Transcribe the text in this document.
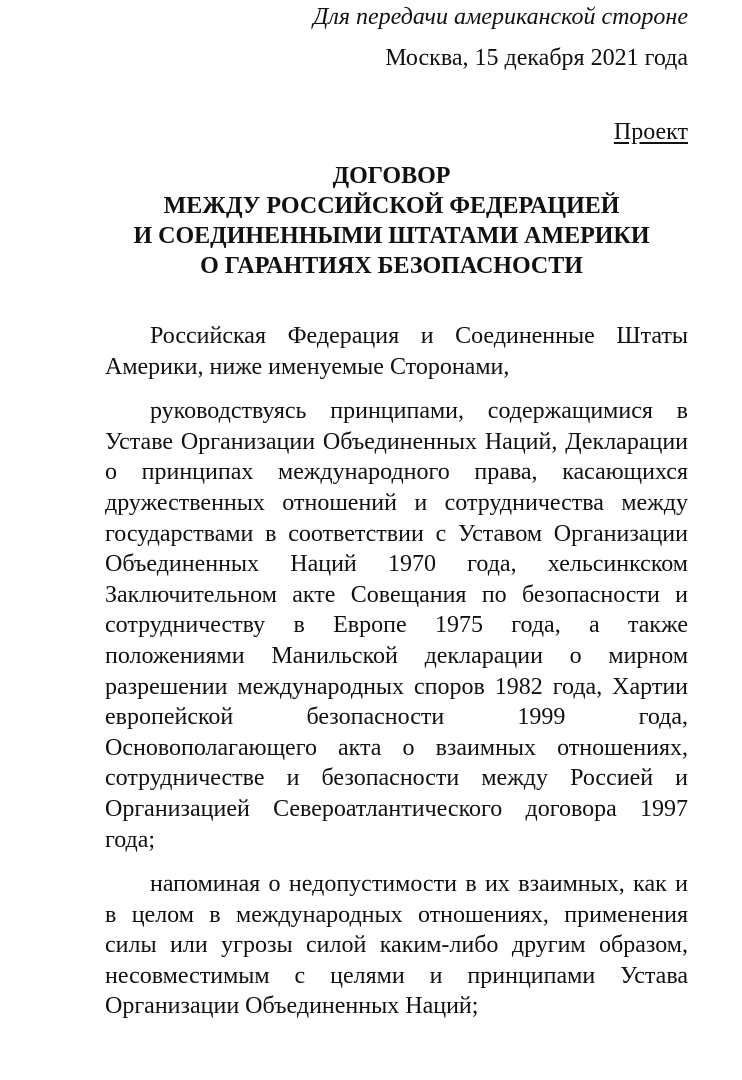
Для передачи американской стороне
Москва, 15 декабря 2021 года
Проект
ДОГОВОР
МЕЖДУ РОССИЙСКОЙ ФЕДЕРАЦИЕЙ
И СОЕДИНЕННЫМИ ШТАТАМИ АМЕРИКИ
О ГАРАНТИЯХ БЕЗОПАСНОСТИ

Российская Федерация и Соединенные Штаты Америки, ниже именуемые Сторонами,

руководствуясь принципами, содержащимися в Уставе Организации Объединенных Наций, Декларации о принципах международного права, касающихся дружественных отношений и сотрудничества между государствами в соответствии с Уставом Организации Объединенных Наций 1970 года, хельсинкском Заключительном акте Совещания по безопасности и сотрудничеству в Европе 1975 года, а также положениями Манильской декларации о мирном разрешении международных споров 1982 года, Хартии европейской безопасности 1999 года, Основополагающего акта о взаимных отношениях, сотрудничестве и безопасности между Россией и Организацией Североатлантического договора 1997 года;

напоминая о недопустимости в их взаимных, как и в целом в международных отношениях, применения силы или угрозы силой каким-либо другим образом, несовместимым с целями и принципами Устава Организации Объединенных Наций;
